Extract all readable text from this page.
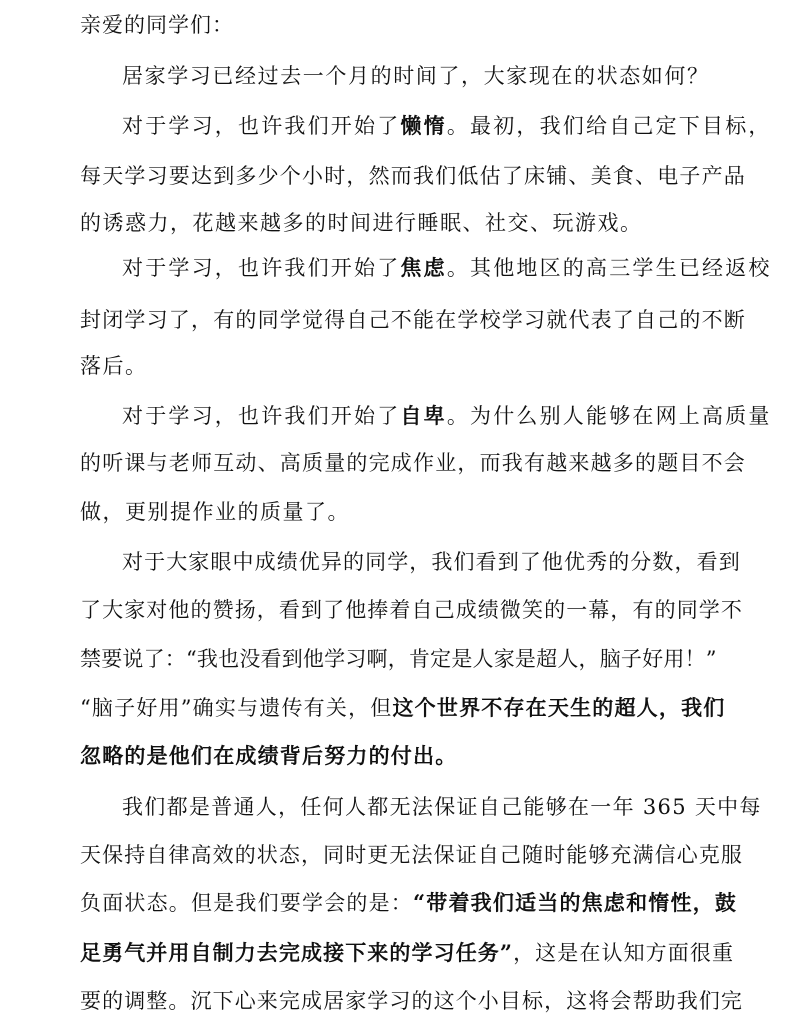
亲爱的同学们：
居家学习已经过去一个月的时间了，大家现在的状态如何？
对于学习，也许我们开始了懒惰。最初，我们给自己定下目标，
每天学习要达到多少个小时，然而我们低估了床铺、美食、电子产品
的诱惑力，花越来越多的时间进行睡眠、社交、玩游戏。
对于学习，也许我们开始了焦虑。其他地区的高三学生已经返校
封闭学习了，有的同学觉得自己不能在学校学习就代表了自己的不断
落后。
对于学习，也许我们开始了自卑。为什么别人能够在网上高质量
的听课与老师互动、高质量的完成作业，而我有越来越多的题目不会
做，更别提作业的质量了。
对于大家眼中成绩优异的同学，我们看到了他优秀的分数，看到
了大家对他的赞扬，看到了他捧着自己成绩微笑的一幕，有的同学不
禁要说了：“我也没看到他学习啊，肯定是人家是超人，脑子好用！”
“脑子好用”确实与遗传有关，但这个世界不存在天生的超人，我们
忽略的是他们在成绩背后努力的付出。
我们都是普通人，任何人都无法保证自己能够在一年 365 天中每
天保持自律高效的状态，同时更无法保证自己随时能够充满信心克服
负面状态。但是我们要学会的是：“带着我们适当的焦虑和惰性，鼓
足勇气并用自制力去完成接下来的学习任务”，这是在认知方面很重
要的调整。沉下心来完成居家学习的这个小目标，这将会帮助我们完
